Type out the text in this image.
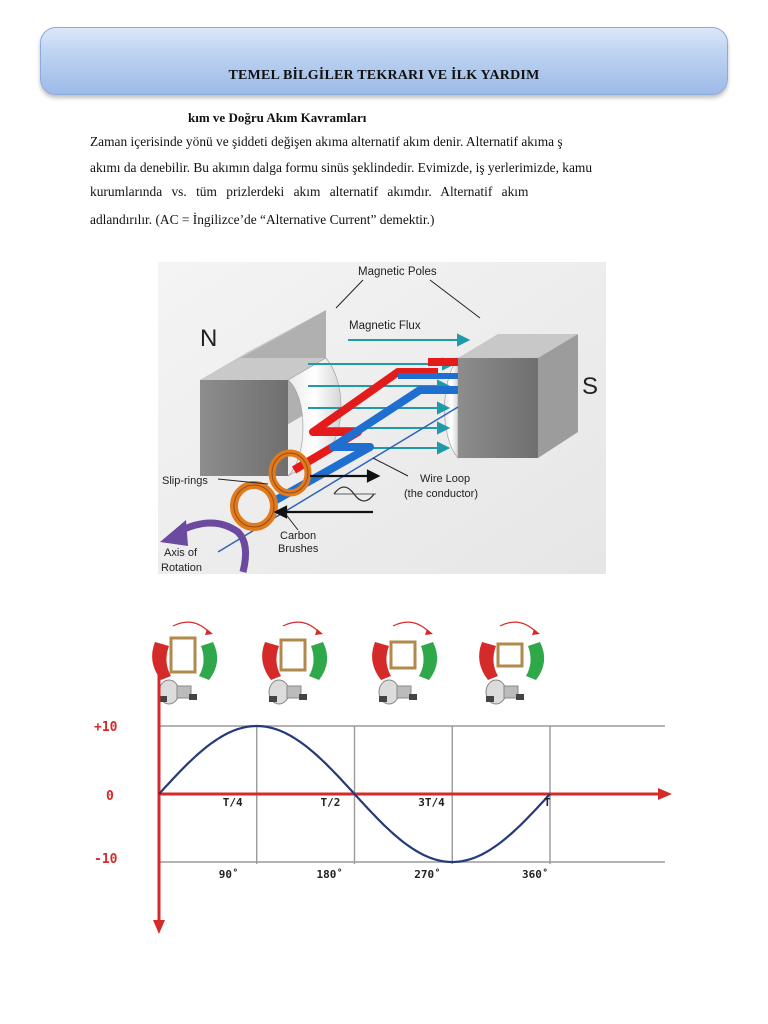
TEMEL BİLGİLER TEKRARI VE İLK YARDIM
kım ve Doğru Akım Kavramları
Zaman içerisinde yönü ve şiddeti değişen akıma alternatif akım denir. Alternatif akıma ş
akımı da denebilir. Bu akımın dalga formu sinüs şeklindedir. Evimizde, iş yerlerimizde, kamu
kurumlarında vs. tüm prizlerdeki akım alternatif akımdır. Alternatif akım
adlandırılır. (AC = İngilizce’de “Alternative Current” demektir.)
Magnetic Poles
Magnetic Flux
N
S
Slip-rings	Wire Loop
(the conductor)
Carbon
Brushes
Axis of
Rotation
+10
0
-10
T/4	T/2	3T/4	T
90˚	180˚	270˚	360˚
